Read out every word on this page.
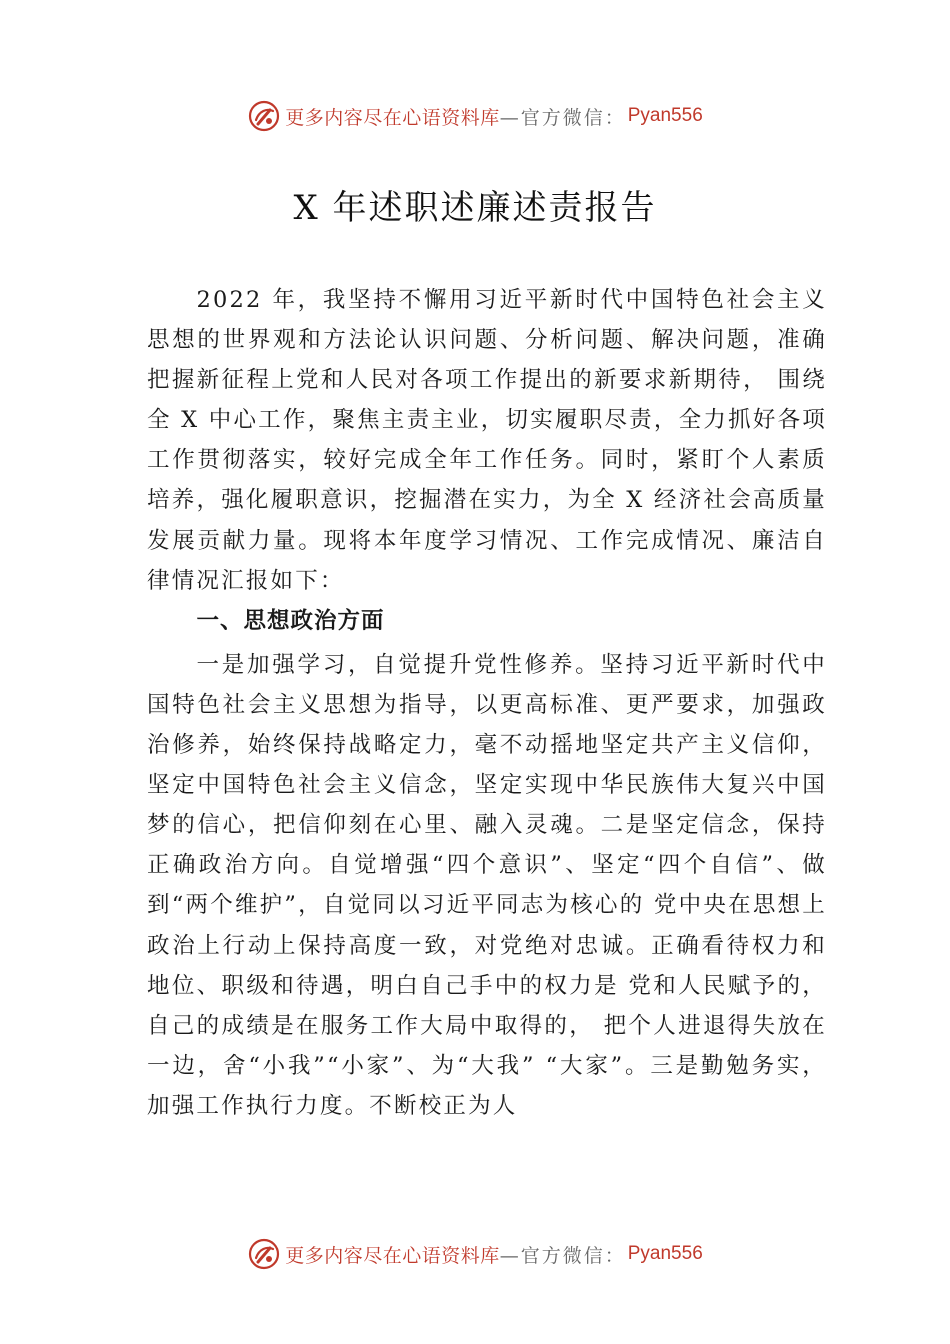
更多内容尽在心语资料库 —官方微信： Pyan556
X 年述职述廉述责报告

2022 年，我坚持不懈用习近平新时代中国特色社会主义思想的世界观和方法论认识问题、分析问题、解决问题，准确把握新征程上党和人民对各项工作提出的新要求新期待， 围绕全 X 中心工作，聚焦主责主业，切实履职尽责，全力抓好各项工作贯彻落实，较好完成全年工作任务。同时，紧盯个人素质培养，强化履职意识，挖掘潜在实力，为全 X 经济社会高质量发展贡献力量。现将本年度学习情况、工作完成情况、廉洁自律情况汇报如下：

一、思想政治方面

一是加强学习，自觉提升党性修养。坚持习近平新时代中国特色社会主义思想为指导，以更高标准、更严要求，加强政治修养，始终保持战略定力，毫不动摇地坚定共产主义信仰，坚定中国特色社会主义信念，坚定实现中华民族伟大复兴中国梦的信心，把信仰刻在心里、融入灵魂。二是坚定信念，保持正确政治方向。自觉增强“四个意识”、坚定“四个自信”、做到“两个维护”，自觉同以习近平同志为核心的 党中央在思想上政治上行动上保持高度一致，对党绝对忠诚。正确看待权力和地位、职级和待遇，明白自己手中的权力是 党和人民赋予的，自己的成绩是在服务工作大局中取得的， 把个人进退得失放在一边，舍“小我”“小家”、为“大我” “大家”。三是勤勉务实，加强工作执行力度。不断校正为人

更多内容尽在心语资料库 —官方微信： Pyan556
